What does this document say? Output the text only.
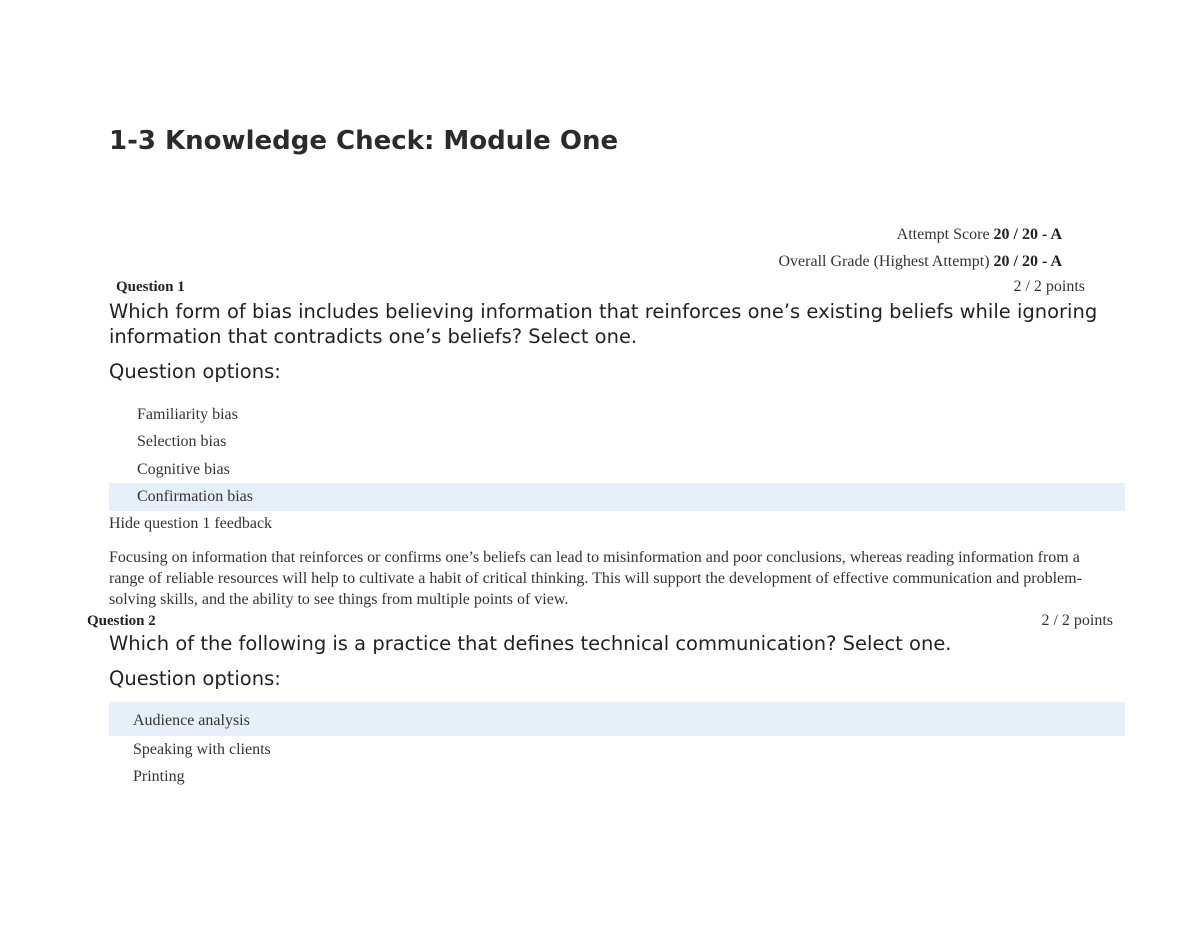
1-3 Knowledge Check: Module One
Attempt Score 20 / 20 - A
Overall Grade (Highest Attempt) 20 / 20 - A
Question 1	2 / 2 points

Which form of bias includes believing information that reinforces one’s existing beliefs while ignoring information that contradicts one’s beliefs? Select one.

Question options:

Familiarity bias
Selection bias
Cognitive bias
Confirmation bias
Hide question 1 feedback

Focusing on information that reinforces or confirms one’s beliefs can lead to misinformation and poor conclusions, whereas reading information from a range of reliable resources will help to cultivate a habit of critical thinking. This will support the development of effective communication and problem-solving skills, and the ability to see things from multiple points of view.

Question 2	2 / 2 points

Which of the following is a practice that defines technical communication? Select one.

Question options:

Audience analysis
Speaking with clients
Printing
